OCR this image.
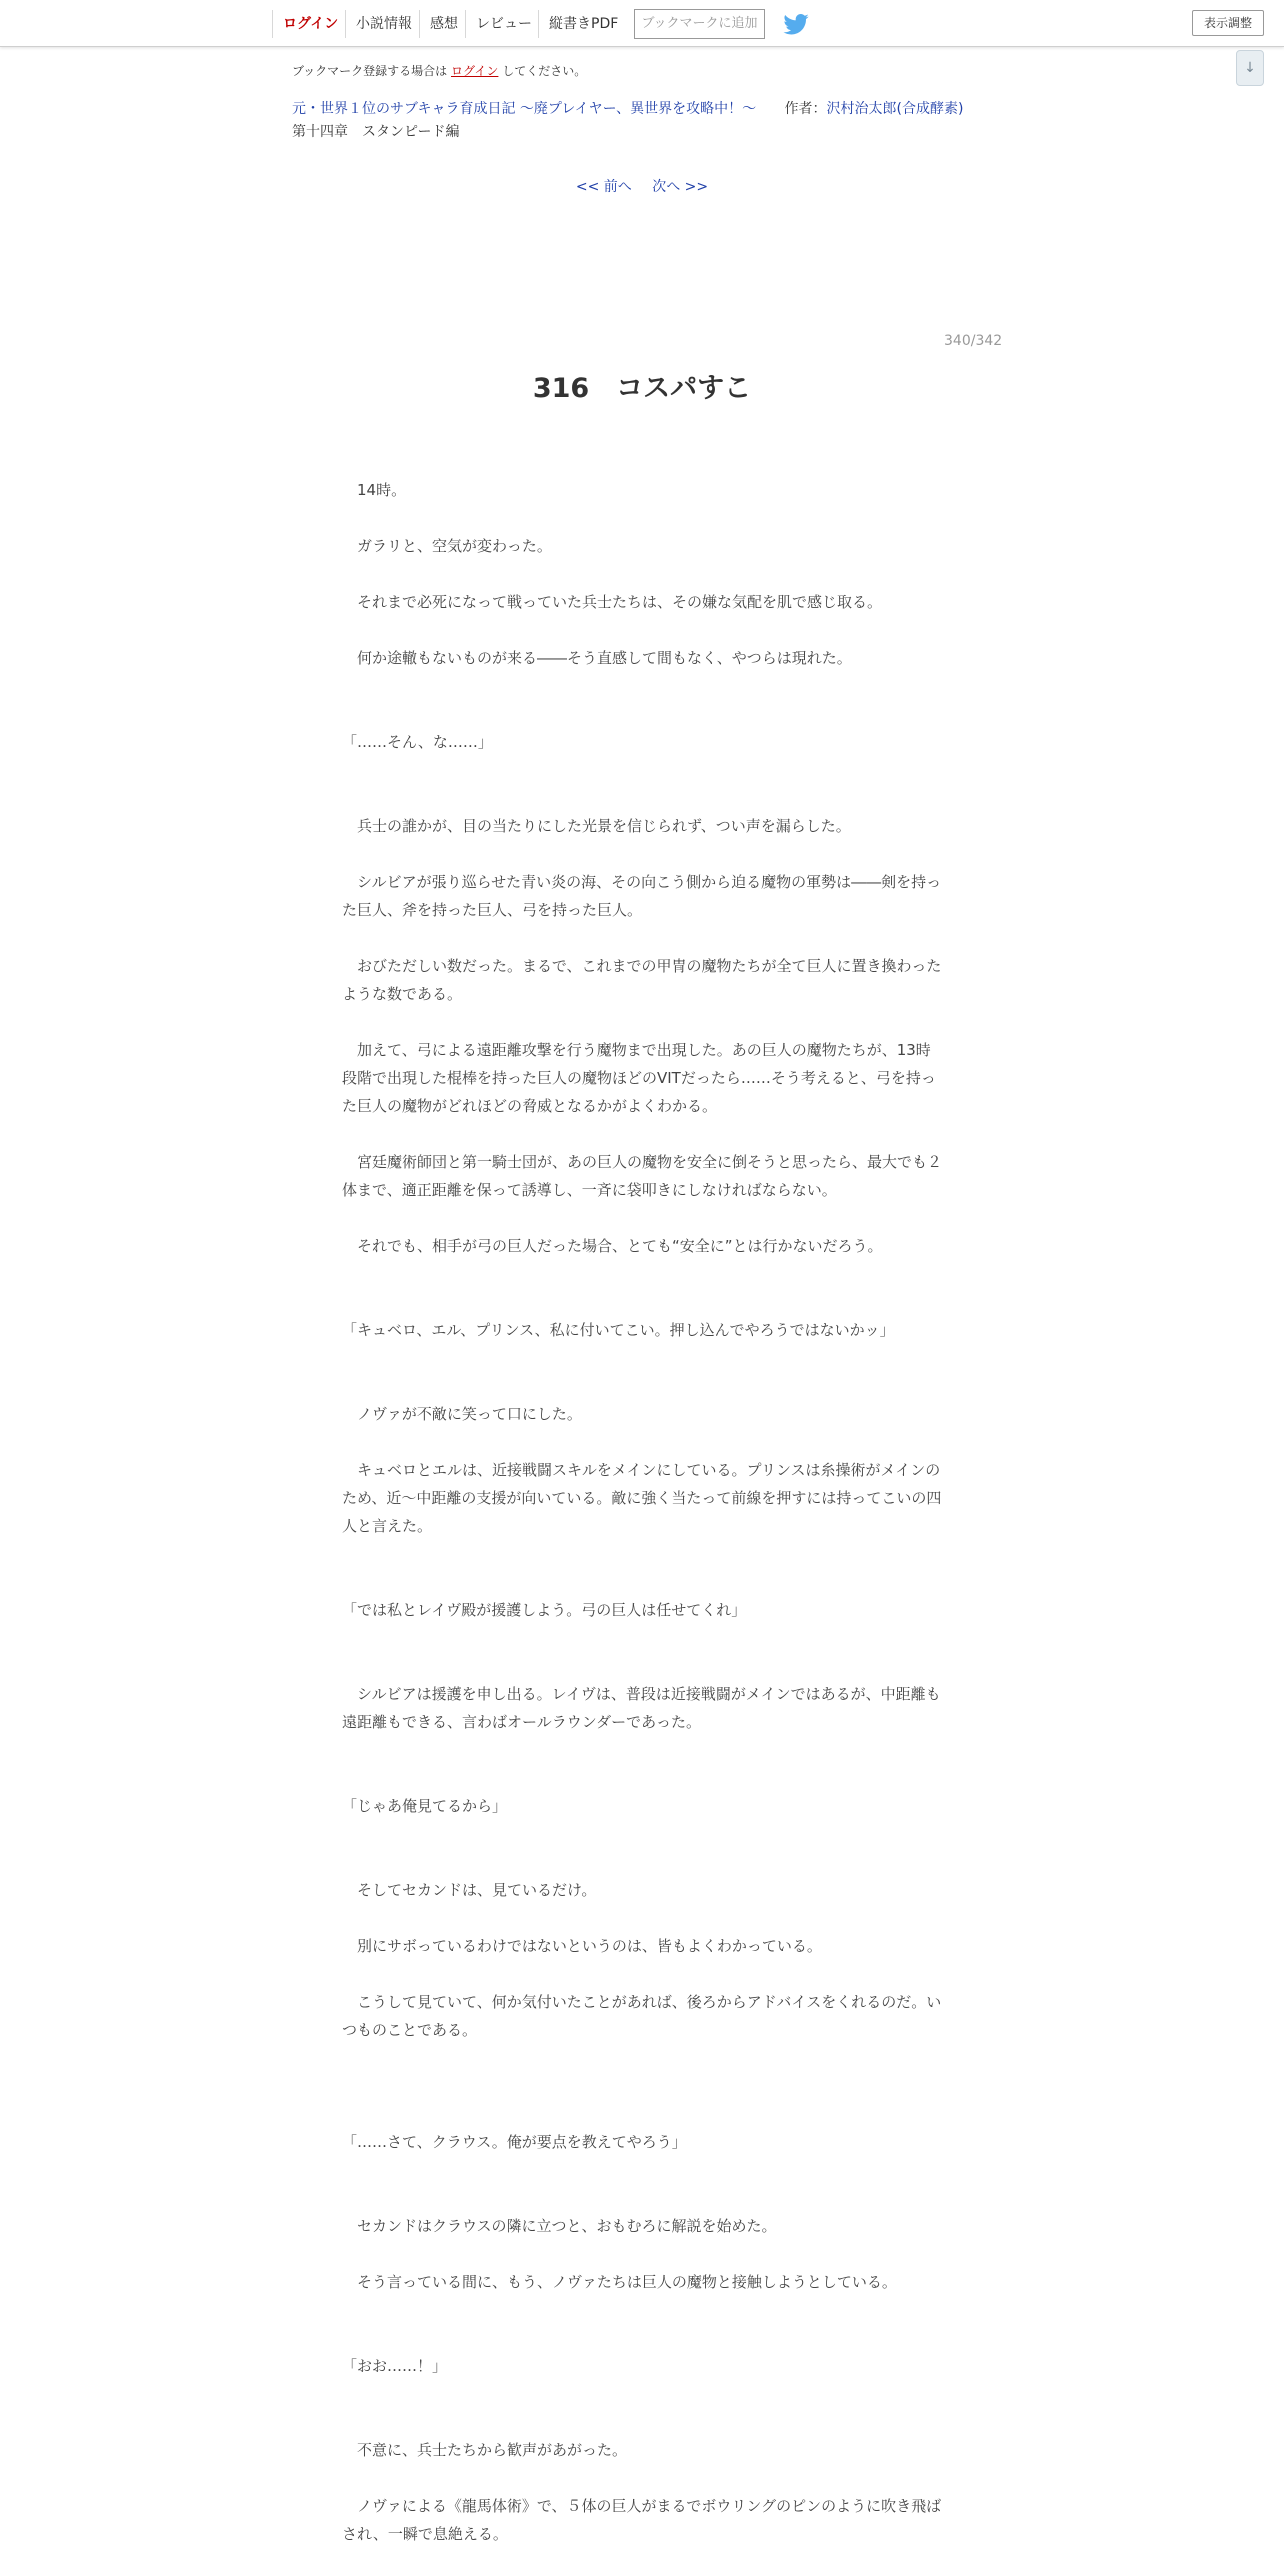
ログイン	小説情報	感想	レビュー	縦書きPDF	ブックマークに追加	表示調整
↓
ブックマーク登録する場合は ログイン してください。
元・世界１位のサブキャラ育成日記 ～廃プレイヤー、異世界を攻略中！～ 作者：沢村治太郎(合成酵素)
第十四章　スタンピード編
<< 前へ 次へ >>
340/342
316　コスパすこ

　14時。

　ガラリと、空気が変わった。

　それまで必死になって戦っていた兵士たちは、その嫌な気配を肌で感じ取る。

　何か途轍もないものが来る――そう直感して間もなく、やつらは現れた。

「……そん、な……」

　兵士の誰かが、目の当たりにした光景を信じられず、つい声を漏らした。

　シルビアが張り巡らせた青い炎の海、その向こう側から迫る魔物の軍勢は――剣を持った巨人、斧を持った巨人、弓を持った巨人。

　おびただしい数だった。まるで、これまでの甲冑の魔物たちが全て巨人に置き換わったような数である。

　加えて、弓による遠距離攻撃を行う魔物まで出現した。あの巨人の魔物たちが、13時段階で出現した棍棒を持った巨人の魔物ほどのVITだったら……そう考えると、弓を持った巨人の魔物がどれほどの脅威となるかがよくわかる。

　宮廷魔術師団と第一騎士団が、あの巨人の魔物を安全に倒そうと思ったら、最大でも２体まで、適正距離を保って誘導し、一斉に袋叩きにしなければならない。

　それでも、相手が弓の巨人だった場合、とても“安全に”とは行かないだろう。

「キュベロ、エル、プリンス、私に付いてこい。押し込んでやろうではないかッ」

　ノヴァが不敵に笑って口にした。

　キュベロとエルは、近接戦闘スキルをメインにしている。プリンスは糸操術がメインのため、近～中距離の支援が向いている。敵に強く当たって前線を押すには持ってこいの四人と言えた。

「では私とレイヴ殿が援護しよう。弓の巨人は任せてくれ」

　シルビアは援護を申し出る。レイヴは、普段は近接戦闘がメインではあるが、中距離も遠距離もできる、言わばオールラウンダーであった。

「じゃあ俺見てるから」

　そしてセカンドは、見ているだけ。

　別にサボっているわけではないというのは、皆もよくわかっている。

　こうして見ていて、何か気付いたことがあれば、後ろからアドバイスをくれるのだ。いつものことである。

「……さて、クラウス。俺が要点を教えてやろう」

　セカンドはクラウスの隣に立つと、おもむろに解説を始めた。

　そう言っている間に、もう、ノヴァたちは巨人の魔物と接触しようとしている。

「おお……！」

　不意に、兵士たちから歓声があがった。

　ノヴァによる《龍馬体術》で、５体の巨人がまるでボウリングのピンのように吹き飛ばされ、一瞬で息絶える。
